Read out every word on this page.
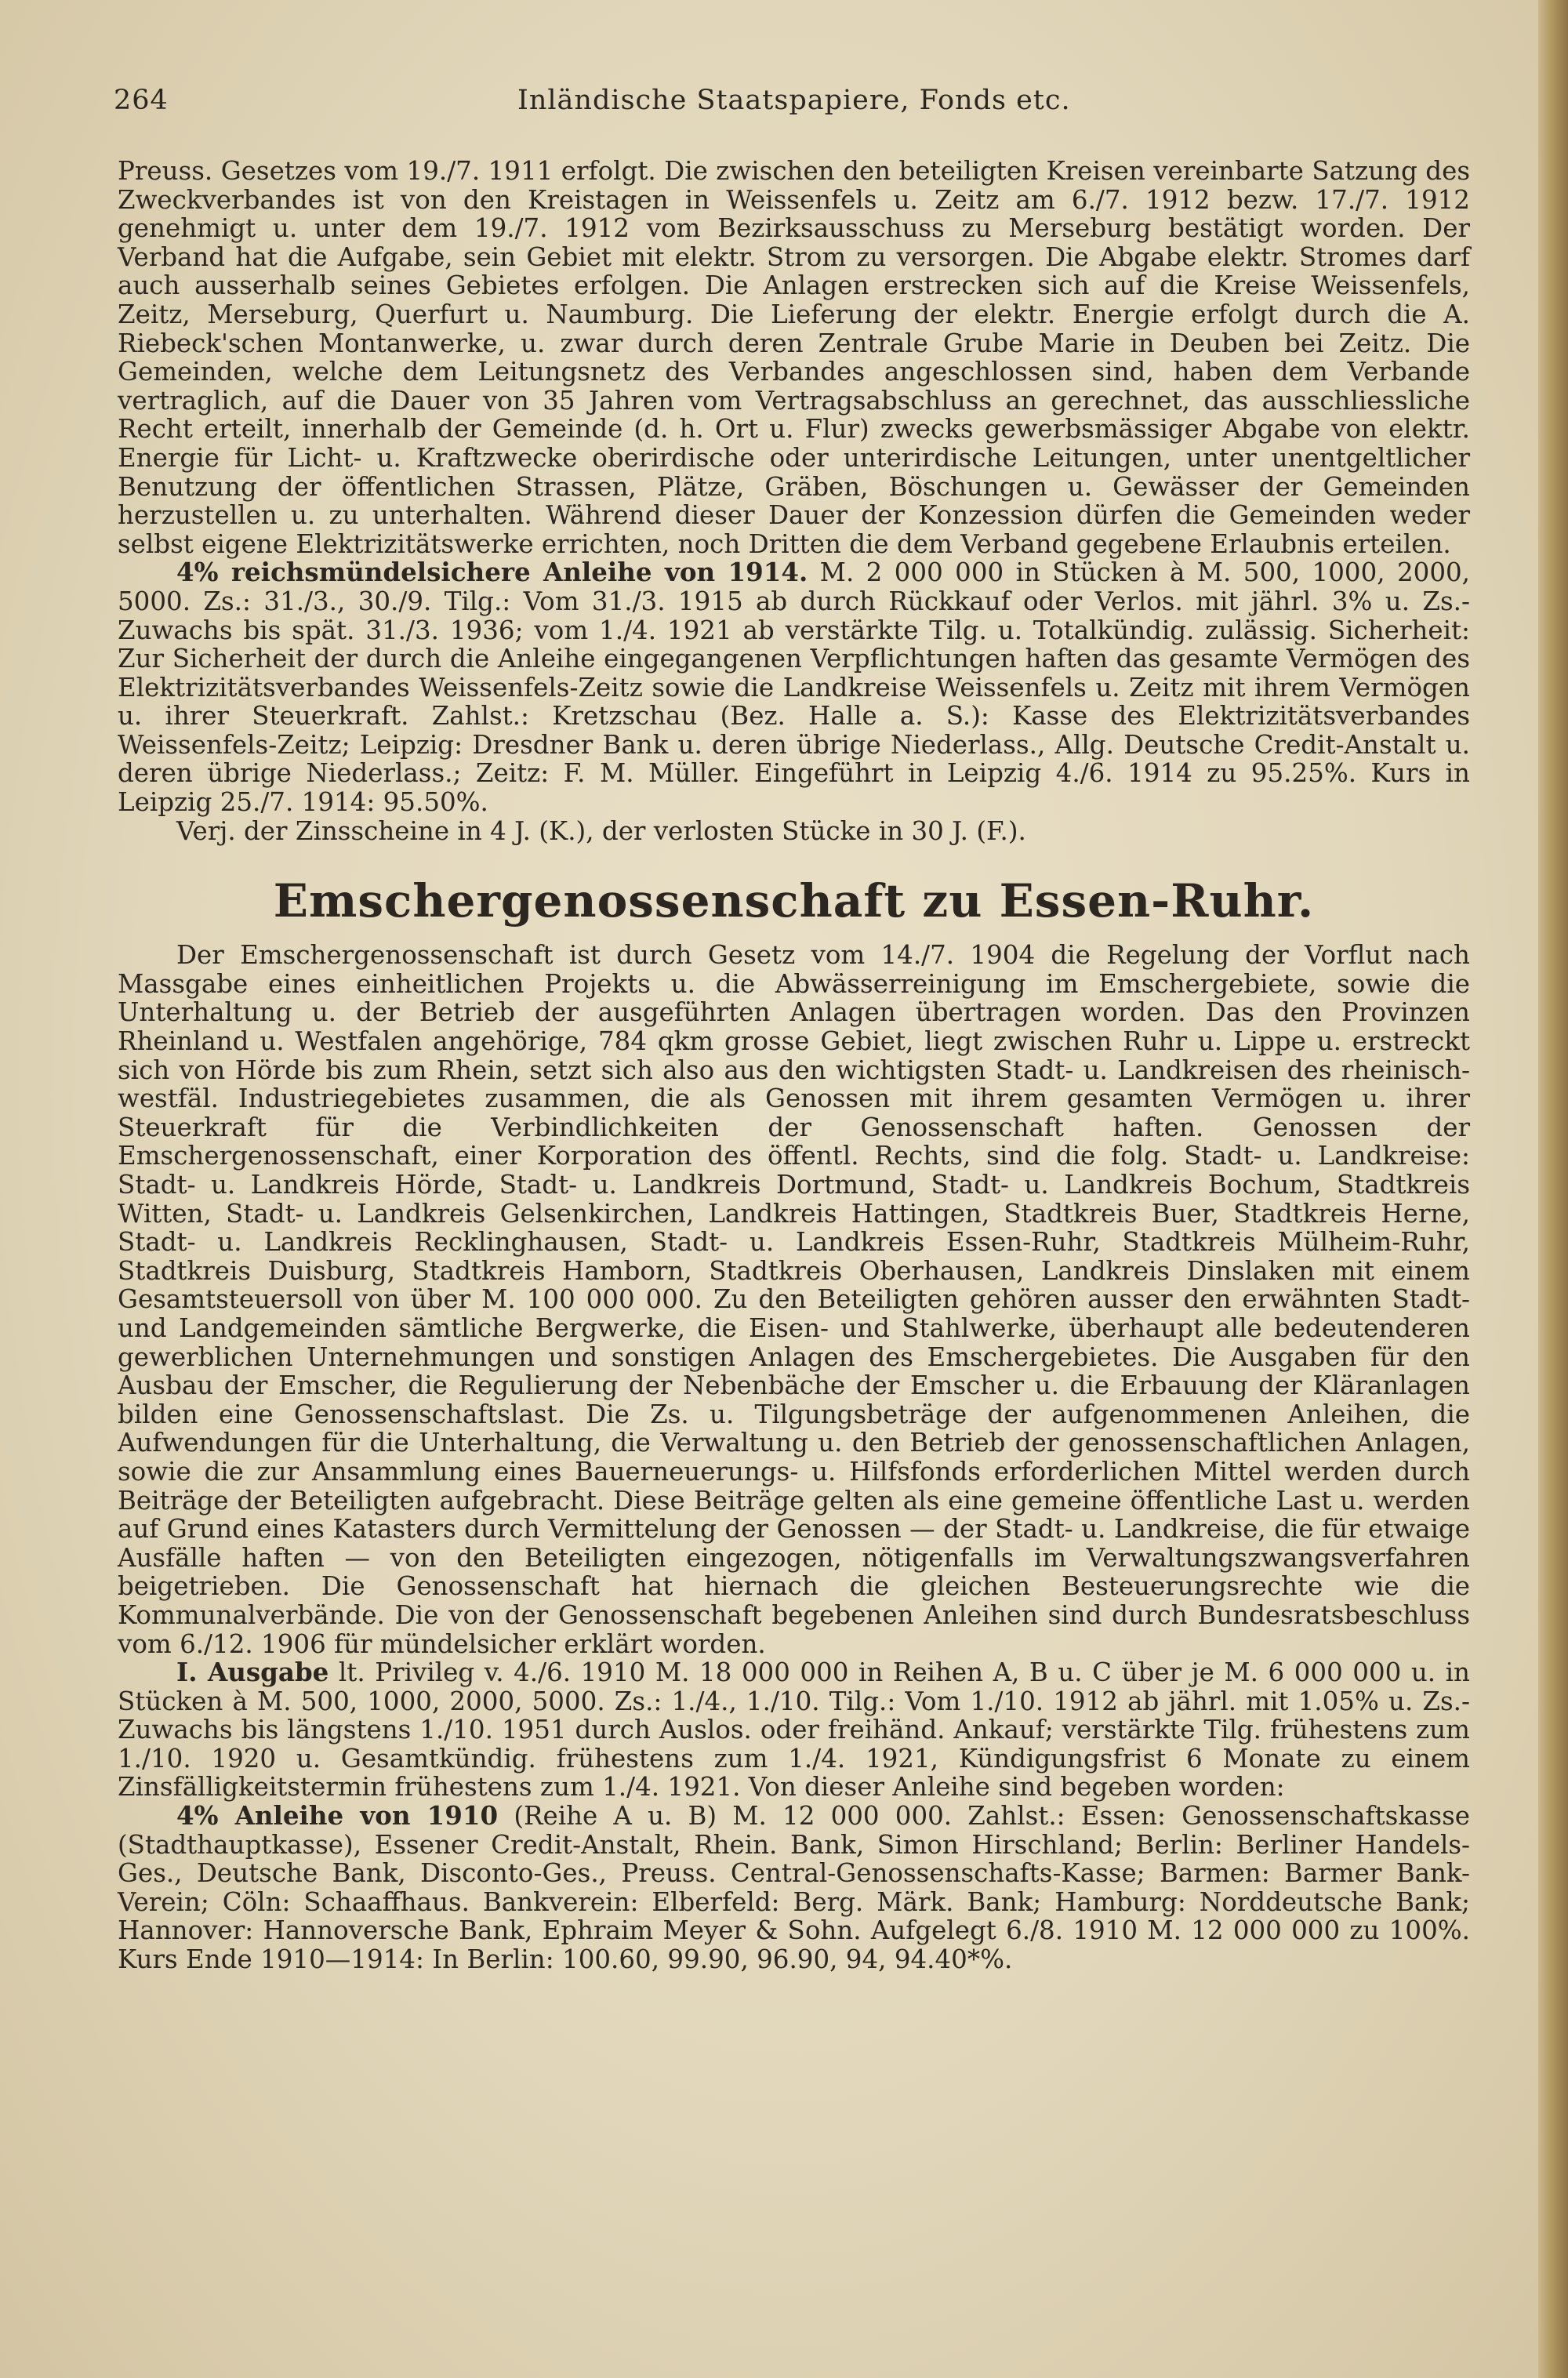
264	Inländische Staatspapiere, Fonds etc.

Preuss. Gesetzes vom 19./7. 1911 erfolgt. Die zwischen den beteiligten Kreisen vereinbarte Satzung des Zweckverbandes ist von den Kreistagen in Weissenfels u. Zeitz am 6./7. 1912 bezw. 17./7. 1912 genehmigt u. unter dem 19./7. 1912 vom Bezirksausschuss zu Merseburg bestätigt worden. Der Verband hat die Aufgabe, sein Gebiet mit elektr. Strom zu versorgen. Die Abgabe elektr. Stromes darf auch ausserhalb seines Gebietes erfolgen. Die Anlagen erstrecken sich auf die Kreise Weissenfels, Zeitz, Merseburg, Querfurt u. Naumburg. Die Lieferung der elektr. Energie erfolgt durch die A. Riebeck'schen Montanwerke, u. zwar durch deren Zentrale Grube Marie in Deuben bei Zeitz. Die Gemeinden, welche dem Leitungsnetz des Verbandes angeschlossen sind, haben dem Verbande vertraglich, auf die Dauer von 35 Jahren vom Vertragsabschluss an gerechnet, das ausschliessliche Recht erteilt, innerhalb der Gemeinde (d. h. Ort u. Flur) zwecks gewerbsmässiger Abgabe von elektr. Energie für Licht- u. Kraftzwecke oberirdische oder unterirdische Leitungen, unter unentgeltlicher Benutzung der öffentlichen Strassen, Plätze, Gräben, Böschungen u. Gewässer der Gemeinden herzustellen u. zu unterhalten. Während dieser Dauer der Konzession dürfen die Gemeinden weder selbst eigene Elektrizitätswerke errichten, noch Dritten die dem Verband gegebene Erlaubnis erteilen.

4% reichsmündelsichere Anleihe von 1914. M. 2 000 000 in Stücken à M. 500, 1000, 2000, 5000. Zs.: 31./3., 30./9. Tilg.: Vom 31./3. 1915 ab durch Rückkauf oder Verlos. mit jährl. 3% u. Zs.-Zuwachs bis spät. 31./3. 1936; vom 1./4. 1921 ab verstärkte Tilg. u. Totalkündig. zulässig. Sicherheit: Zur Sicherheit der durch die Anleihe eingegangenen Verpflichtungen haften das gesamte Vermögen des Elektrizitätsverbandes Weissenfels-Zeitz sowie die Landkreise Weissenfels u. Zeitz mit ihrem Vermögen u. ihrer Steuerkraft. Zahlst.: Kretzschau (Bez. Halle a. S.): Kasse des Elektrizitätsverbandes Weissenfels-Zeitz; Leipzig: Dresdner Bank u. deren übrige Niederlass., Allg. Deutsche Credit-Anstalt u. deren übrige Niederlass.; Zeitz: F. M. Müller. Eingeführt in Leipzig 4./6. 1914 zu 95.25%. Kurs in Leipzig 25./7. 1914: 95.50%.

Verj. der Zinsscheine in 4 J. (K.), der verlosten Stücke in 30 J. (F.).

Emschergenossenschaft zu Essen-Ruhr.

Der Emschergenossenschaft ist durch Gesetz vom 14./7. 1904 die Regelung der Vorflut nach Massgabe eines einheitlichen Projekts u. die Abwässerreinigung im Emschergebiete, sowie die Unterhaltung u. der Betrieb der ausgeführten Anlagen übertragen worden. Das den Provinzen Rheinland u. Westfalen angehörige, 784 qkm grosse Gebiet, liegt zwischen Ruhr u. Lippe u. erstreckt sich von Hörde bis zum Rhein, setzt sich also aus den wichtigsten Stadt- u. Landkreisen des rheinisch-westfäl. Industriegebietes zusammen, die als Genossen mit ihrem gesamten Vermögen u. ihrer Steuerkraft für die Verbindlichkeiten der Genossenschaft haften. Genossen der Emschergenossenschaft, einer Korporation des öffentl. Rechts, sind die folg. Stadt- u. Landkreise: Stadt- u. Landkreis Hörde, Stadt- u. Landkreis Dortmund, Stadt- u. Landkreis Bochum, Stadtkreis Witten, Stadt- u. Landkreis Gelsenkirchen, Landkreis Hattingen, Stadtkreis Buer, Stadtkreis Herne, Stadt- u. Landkreis Recklinghausen, Stadt- u. Landkreis Essen-Ruhr, Stadtkreis Mülheim-Ruhr, Stadtkreis Duisburg, Stadtkreis Hamborn, Stadtkreis Oberhausen, Landkreis Dinslaken mit einem Gesamtsteuersoll von über M. 100 000 000. Zu den Beteiligten gehören ausser den erwähnten Stadt- und Landgemeinden sämtliche Bergwerke, die Eisen- und Stahlwerke, überhaupt alle bedeutenderen gewerblichen Unternehmungen und sonstigen Anlagen des Emschergebietes. Die Ausgaben für den Ausbau der Emscher, die Regulierung der Nebenbäche der Emscher u. die Erbauung der Kläranlagen bilden eine Genossenschaftslast. Die Zs. u. Tilgungsbeträge der aufgenommenen Anleihen, die Aufwendungen für die Unterhaltung, die Verwaltung u. den Betrieb der genossenschaftlichen Anlagen, sowie die zur Ansammlung eines Bauerneuerungs- u. Hilfsfonds erforderlichen Mittel werden durch Beiträge der Beteiligten aufgebracht. Diese Beiträge gelten als eine gemeine öffentliche Last u. werden auf Grund eines Katasters durch Vermittelung der Genossen — der Stadt- u. Landkreise, die für etwaige Ausfälle haften — von den Beteiligten eingezogen, nötigenfalls im Verwaltungszwangsverfahren beigetrieben. Die Genossenschaft hat hiernach die gleichen Besteuerungsrechte wie die Kommunalverbände. Die von der Genossenschaft begebenen Anleihen sind durch Bundesratsbeschluss vom 6./12. 1906 für mündelsicher erklärt worden.

I. Ausgabe lt. Privileg v. 4./6. 1910 M. 18 000 000 in Reihen A, B u. C über je M. 6 000 000 u. in Stücken à M. 500, 1000, 2000, 5000. Zs.: 1./4., 1./10. Tilg.: Vom 1./10. 1912 ab jährl. mit 1.05% u. Zs.-Zuwachs bis längstens 1./10. 1951 durch Auslos. oder freihänd. Ankauf; verstärkte Tilg. frühestens zum 1./10. 1920 u. Gesamtkündig. frühestens zum 1./4. 1921, Kündigungsfrist 6 Monate zu einem Zinsfälligkeitstermin frühestens zum 1./4. 1921. Von dieser Anleihe sind begeben worden:

4% Anleihe von 1910 (Reihe A u. B) M. 12 000 000. Zahlst.: Essen: Genossenschaftskasse (Stadthauptkasse), Essener Credit-Anstalt, Rhein. Bank, Simon Hirschland; Berlin: Berliner Handels-Ges., Deutsche Bank, Disconto-Ges., Preuss. Central-Genossenschafts-Kasse; Barmen: Barmer Bank-Verein; Cöln: Schaaffhaus. Bankverein: Elberfeld: Berg. Märk. Bank; Hamburg: Norddeutsche Bank; Hannover: Hannoversche Bank, Ephraim Meyer & Sohn. Aufgelegt 6./8. 1910 M. 12 000 000 zu 100%. Kurs Ende 1910—1914: In Berlin: 100.60, 99.90, 96.90, 94, 94.40*%.
